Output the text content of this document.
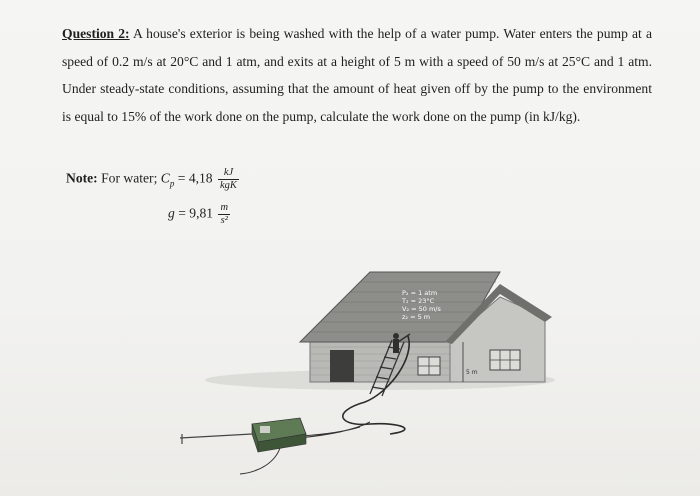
Question 2: A house's exterior is being washed with the help of a water pump. Water enters the pump at a speed of 0.2 m/s at 20°C and 1 atm, and exits at a height of 5 m with a speed of 50 m/s at 25°C and 1 atm. Under steady-state conditions, assuming that the amount of heat given off by the pump to the environment is equal to 15% of the work done on the pump, calculate the work done on the pump (in kJ/kg).
Note: For water; $C_p = 4,18 \frac{kJ}{\text{kgK}}$
$g = 9,81 \frac{m}{\text{s²}}$
5 m
P₂ = 1 atm
T₂ = 23°C
V₂ = 50 m/s
z₂ = 5 m
